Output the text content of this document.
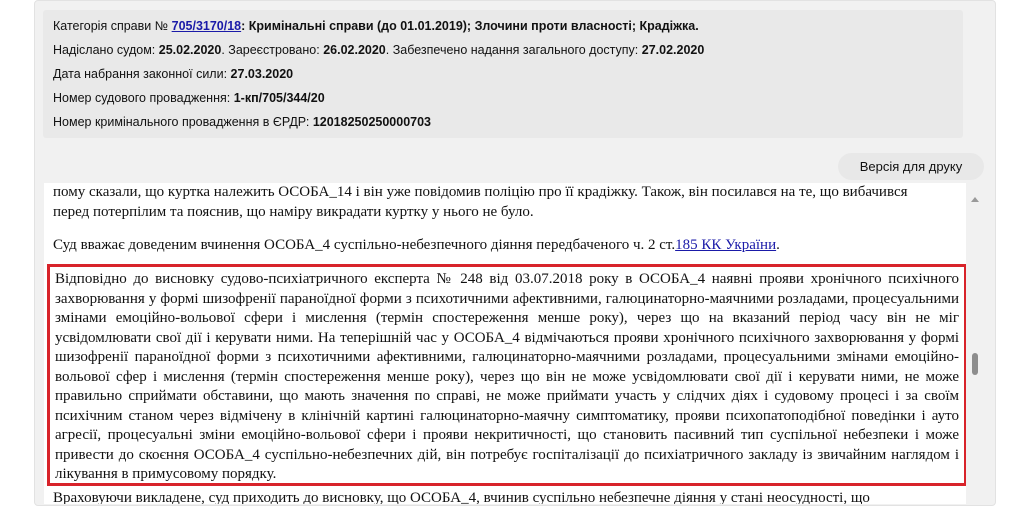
Категорія справи № 705/3170/18: Кримінальні справи (до 01.01.2019); Злочини проти власності; Крадіжка.
Надіслано судом: 25.02.2020. Зареєстровано: 26.02.2020. Забезпечено надання загального доступу: 27.02.2020
Дата набрання законної сили: 27.03.2020
Номер судового провадження: 1-кп/705/344/20
Номер кримінального провадження в ЄРДР: 12018250250000703
Версія для друку
пому сказали, що куртка належить ОСОБА_14 і він уже повідомив поліцію про її крадіжку. Також, він посилався на те, що вибачився
перед потерпілим та пояснив, що наміру викрадати куртку у нього не було.
Суд вважає доведеним вчинення ОСОБА_4 суспільно-небезпечного діяння передбаченого ч. 2 ст.185 КК України.
Відповідно до висновку судово-психіатричного експерта № 248 від 03.07.2018 року в ОСОБА_4 наявні прояви хронічного психічного захворювання у формі шизофренії параноїдної форми з психотичними афективними, галюцинаторно-маячними розладами, процесуальними змінами емоційно-вольової сфери і мислення (термін спостереження менше року), через що на вказаний період часу він не міг усвідомлювати свої дії і керувати ними. На теперішній час у ОСОБА_4 відмічаються прояви хронічного психічного захворювання у формі шизофренії параноїдної форми з психотичними афективними, галюцинаторно-маячними розладами, процесуальними змінами емоційно-вольової сфер і мислення (термін спостереження менше року), через що він не може усвідомлювати свої дії і керувати ними, не може правильно сприймати обставини, що мають значення по справі, не може приймати участь у слідчих діях і судовому процесі і за своїм психічним станом через відмічену в клінічній картині галюцинаторно-маячну симптоматику, прояви психопатоподібної поведінки і ауто агресії, процесуальні зміни емоційно-вольової сфери і прояви некритичності, що становить пасивний тип суспільної небезпеки і може привести до скоєння ОСОБА_4 суспільно-небезпечних дій, він потребує госпіталізації до психіатричного закладу із звичайним наглядом і лікування в примусовому порядку.
Враховуючи викладене, суд приходить до висновку, що ОСОБА_4, вчинив суспільно небезпечне діяння у стані неосудності, що
